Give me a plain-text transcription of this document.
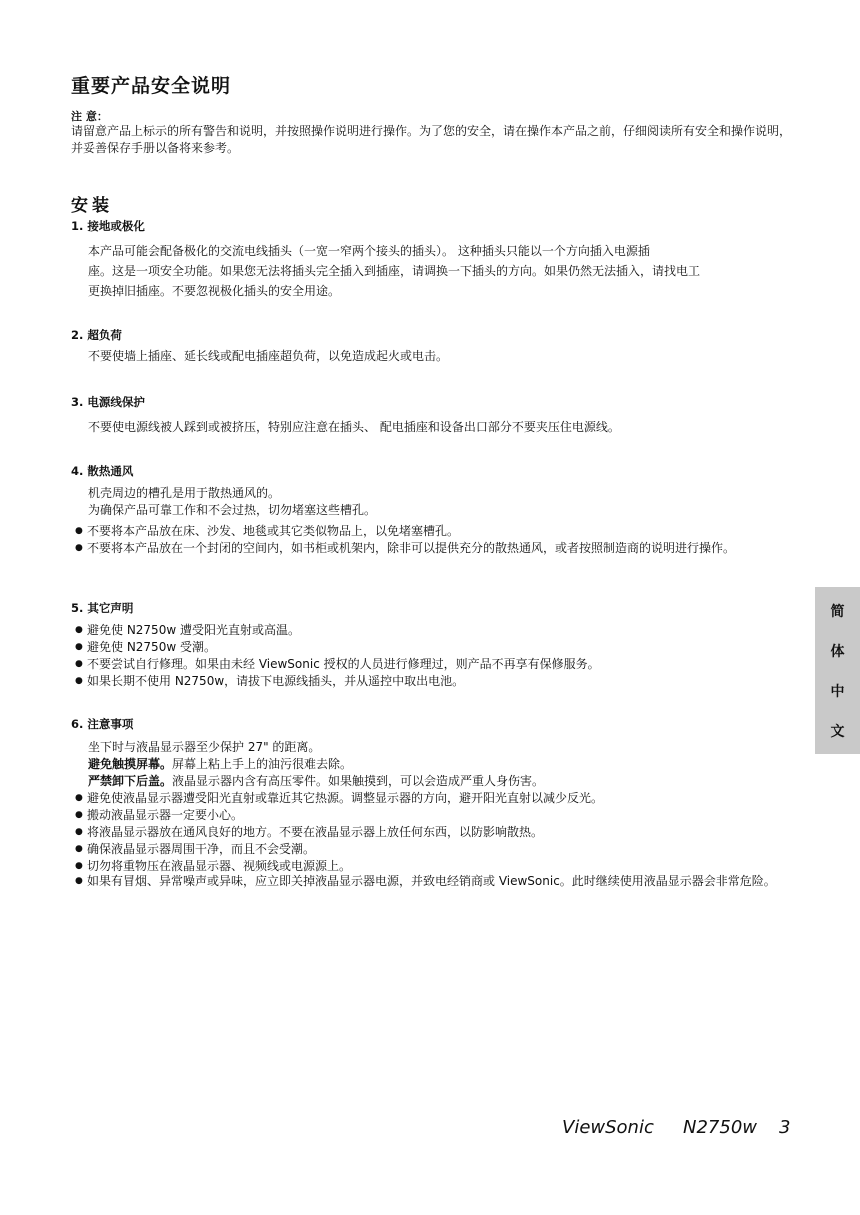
重要产品安全说明
注 意：
请留意产品上标示的所有警告和说明，并按照操作说明进行操作。为了您的安全，请在操作本产品之前，仔细阅读所有安全和操作说明，并妥善保存手册以备将来参考。
安装
1. 接地或极化
本产品可能会配备极化的交流电线插头（一宽一窄两个接头的插头）。 这种插头只能以一个方向插入电源插
座。这是一项安全功能。如果您无法将插头完全插入到插座，请调换一下插头的方向。如果仍然无法插入，请找电工
更换掉旧插座。不要忽视极化插头的安全用途。
2. 超负荷
不要使墙上插座、延长线或配电插座超负荷，以免造成起火或电击。
3. 电源线保护
不要使电源线被人踩到或被挤压，特别应注意在插头、 配电插座和设备出口部分不要夹压住电源线。
4. 散热通风
机壳周边的槽孔是用于散热通风的。
为确保产品可靠工作和不会过热，切勿堵塞这些槽孔。
● 不要将本产品放在床、沙发、地毯或其它类似物品上，以免堵塞槽孔。
● 不要将本产品放在一个封闭的空间内，如书柜或机架内，除非可以提供充分的散热通风，或者按照制造商的说明进行操作。
5. 其它声明
● 避免使 N2750w 遭受阳光直射或高温。
● 避免使 N2750w 受潮。
● 不要尝试自行修理。如果由未经 ViewSonic 授权的人员进行修理过，则产品不再享有保修服务。
● 如果长期不使用 N2750w，请拔下电源线插头，并从遥控中取出电池。
6. 注意事项
坐下时与液晶显示器至少保护 27" 的距离。
避免触摸屏幕。屏幕上粘上手上的油污很难去除。
严禁卸下后盖。液晶显示器内含有高压零件。如果触摸到，可以会造成严重人身伤害。
● 避免使液晶显示器遭受阳光直射或靠近其它热源。调整显示器的方向，避开阳光直射以减少反光。
● 搬动液晶显示器一定要小心。
● 将液晶显示器放在通风良好的地方。不要在液晶显示器上放任何东西，以防影响散热。
● 确保液晶显示器周围干净，而且不会受潮。
● 切勿将重物压在液晶显示器、视频线或电源源上。
● 如果有冒烟、异常噪声或异味，应立即关掉液晶显示器电源，并致电经销商或 ViewSonic。此时继续使用液晶显示器会非常危险。
简
体
中
文
ViewSonic N2750w 3
